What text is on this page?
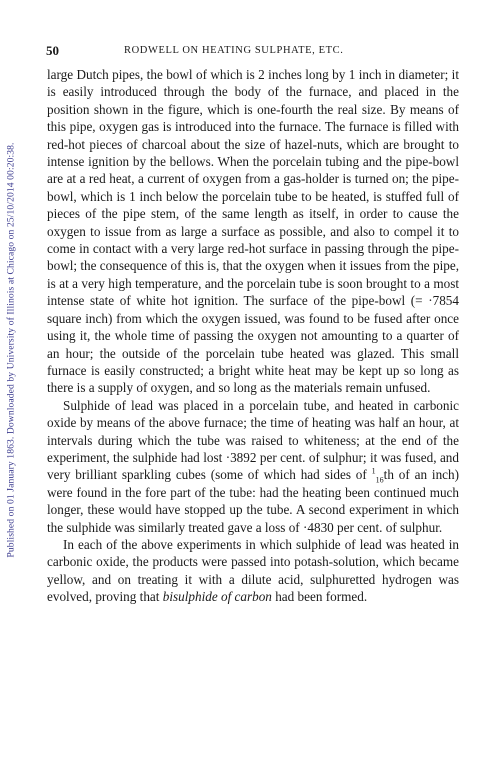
Published on 01 January 1863. Downloaded by University of Illinois at Chicago on 25/10/2014 00:20:38.
50	RODWELL ON HEATING SULPHATE, ETC.

large Dutch pipes, the bowl of which is 2 inches long by 1 inch in diameter; it is easily introduced through the body of the furnace, and placed in the position shown in the figure, which is one-fourth the real size. By means of this pipe, oxygen gas is introduced into the furnace. The furnace is filled with red-hot pieces of charcoal about the size of hazel-nuts, which are brought to intense ignition by the bellows. When the porcelain tubing and the pipe-bowl are at a red heat, a current of oxygen from a gas-holder is turned on; the pipe-bowl, which is 1 inch below the porcelain tube to be heated, is stuffed full of pieces of the pipe stem, of the same length as itself, in order to cause the oxygen to issue from as large a surface as possible, and also to compel it to come in contact with a very large red-hot surface in passing through the pipe-bowl; the consequence of this is, that the oxygen when it issues from the pipe, is at a very high temperature, and the porcelain tube is soon brought to a most intense state of white hot ignition. The surface of the pipe-bowl (= ·7854 square inch) from which the oxygen issued, was found to be fused after once using it, the whole time of passing the oxygen not amounting to a quarter of an hour; the outside of the porcelain tube heated was glazed. This small furnace is easily constructed; a bright white heat may be kept up so long as there is a supply of oxygen, and so long as the materials remain unfused.

Sulphide of lead was placed in a porcelain tube, and heated in carbonic oxide by means of the above furnace; the time of heating was half an hour, at intervals during which the tube was raised to whiteness; at the end of the experiment, the sulphide had lost ·3892 per cent. of sulphur; it was fused, and very brilliant sparkling cubes (some of which had sides of $^1_{16}$th of an inch) were found in the fore part of the tube: had the heating been continued much longer, these would have stopped up the tube. A second experiment in which the sulphide was similarly treated gave a loss of ·4830 per cent. of sulphur.

In each of the above experiments in which sulphide of lead was heated in carbonic oxide, the products were passed into potash-solution, which became yellow, and on treating it with a dilute acid, sulphuretted hydrogen was evolved, proving that bisulphide of carbon had been formed.
